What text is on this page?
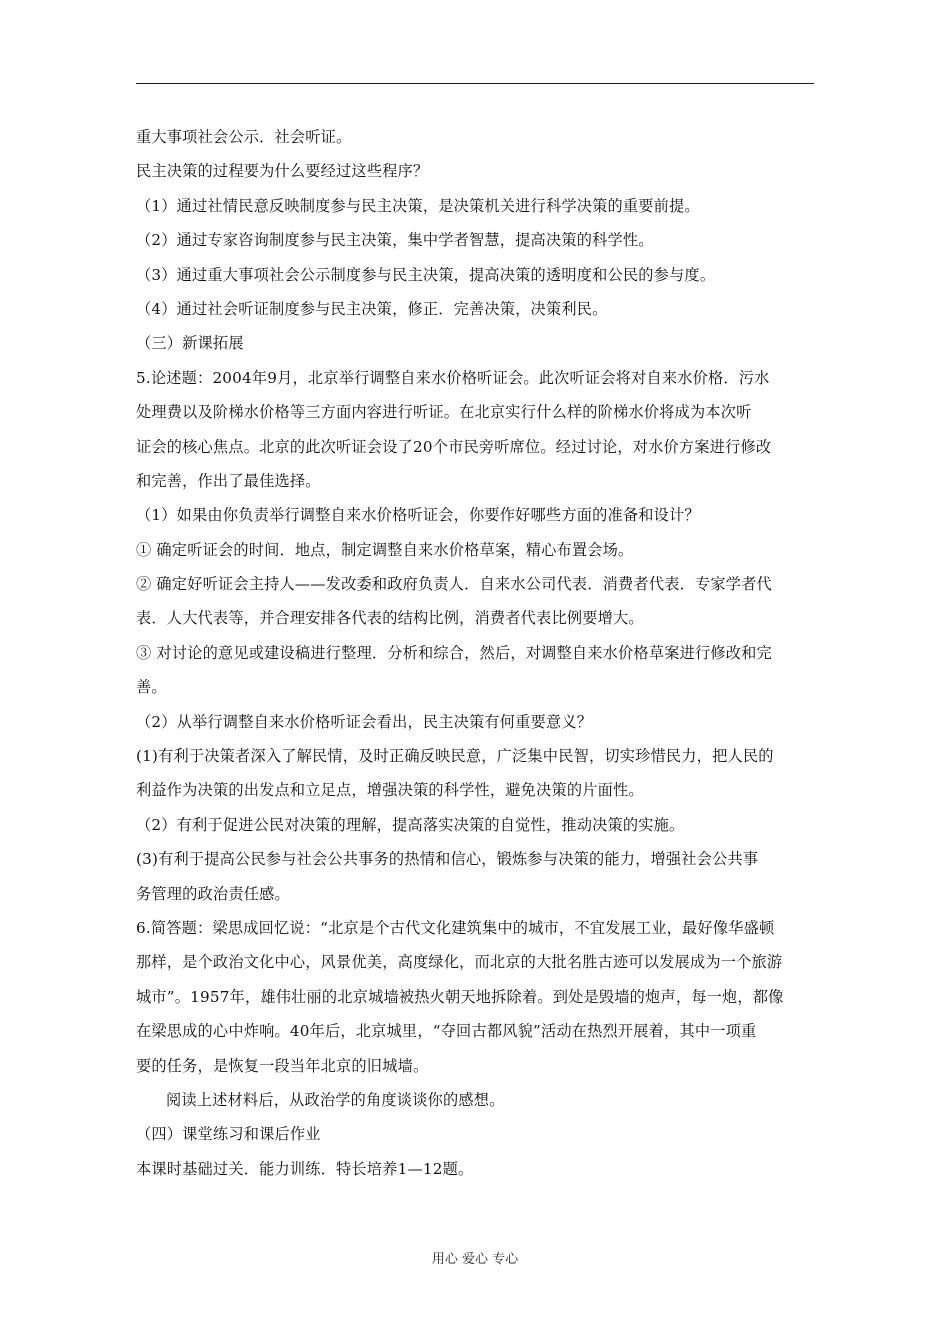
重大事项社会公示．社会听证。
民主决策的过程要为什么要经过这些程序？
（1）通过社情民意反映制度参与民主决策，是决策机关进行科学决策的重要前提。
（2）通过专家咨询制度参与民主决策，集中学者智慧，提高决策的科学性。
（3）通过重大事项社会公示制度参与民主决策，提高决策的透明度和公民的参与度。
（4）通过社会听证制度参与民主决策，修正．完善决策，决策利民。
（三）新课拓展
5.论述题：2004年9月，北京举行调整自来水价格听证会。此次听证会将对自来水价格．污水
处理费以及阶梯水价格等三方面内容进行听证。在北京实行什么样的阶梯水价将成为本次听
证会的核心焦点。北京的此次听证会设了20个市民旁听席位。经过讨论，对水价方案进行修改
和完善，作出了最佳选择。
（1）如果由你负责举行调整自来水价格听证会，你要作好哪些方面的准备和设计？
① 确定听证会的时间．地点，制定调整自来水价格草案，精心布置会场。
② 确定好听证会主持人——发改委和政府负责人．自来水公司代表．消费者代表．专家学者代
表．人大代表等，并合理安排各代表的结构比例，消费者代表比例要增大。
③ 对讨论的意见或建设稿进行整理．分析和综合，然后，对调整自来水价格草案进行修改和完
善。
（2）从举行调整自来水价格听证会看出，民主决策有何重要意义？
(1)有利于决策者深入了解民情，及时正确反映民意，广泛集中民智，切实珍惜民力，把人民的
利益作为决策的出发点和立足点，增强决策的科学性，避免决策的片面性。
（2）有利于促进公民对决策的理解，提高落实决策的自觉性，推动决策的实施。
(3)有利于提高公民参与社会公共事务的热情和信心，锻炼参与决策的能力，增强社会公共事
务管理的政治责任感。
6.简答题：梁思成回忆说：“北京是个古代文化建筑集中的城市，不宜发展工业，最好像华盛顿
那样，是个政治文化中心，风景优美，高度绿化，而北京的大批名胜古迹可以发展成为一个旅游
城市”。1957年，雄伟壮丽的北京城墙被热火朝天地拆除着。到处是毁墙的炮声，每一炮，都像
在梁思成的心中炸响。40年后，北京城里，“夺回古都风貌”活动在热烈开展着，其中一项重
要的任务，是恢复一段当年北京的旧城墙。
阅读上述材料后，从政治学的角度谈谈你的感想。
（四）课堂练习和课后作业
本课时基础过关．能力训练．特长培养1—12题。
用心 爱心 专心
